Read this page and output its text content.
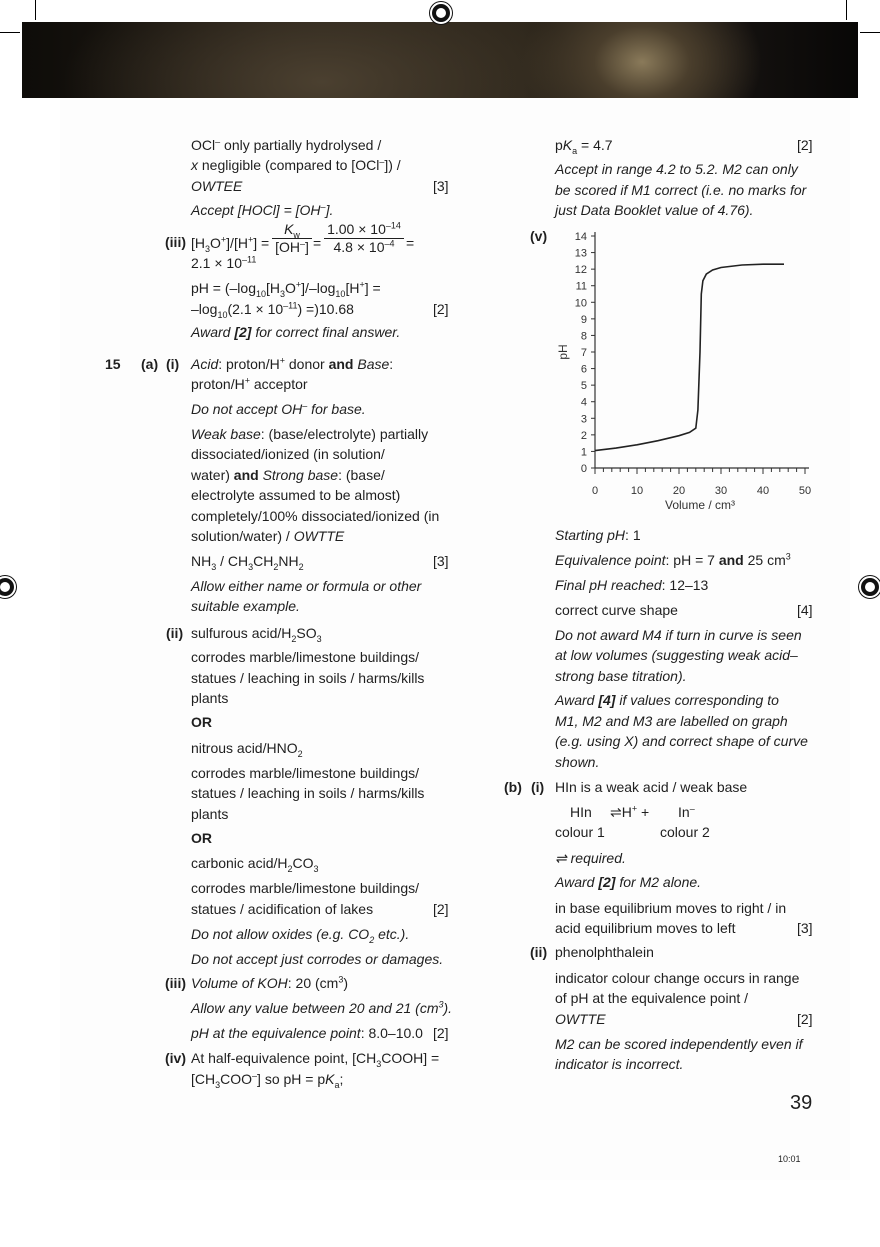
OCl– only partially hydrolysed /
x negligible (compared to [OCl–]) /
OWTEE	[3]
Accept [HOCl] = [OH–].
(iii) $[H_3O^+]/[H^+] = \frac{K_w}{[OH^-]} = \frac{1.00 \times 10^{-14}}{4.8 \times 10^{-4}}$ =
$2.1 \times 10^{-11}$
pH = ($-\log_{10}[H_3O^+]/-\log_{10}[H^+]$ =
$-\log_{10}(2.1 \times 10^{-11}) =)10.68$	[2]
Award [2] for correct final answer.
15 (a) (i) Acid: proton/H+ donor and Base:
proton/H+ acceptor
Do not accept OH– for base.
Weak base: (base/electrolyte) partially
dissociated/ionized (in solution/
water) and Strong base: (base/
electrolyte assumed to be almost)
completely/100% dissociated/ionized (in
solution/water) / OWTTE
$NH_3 / CH_3CH_2NH_2$	[3]
Allow either name or formula or other
suitable example.
(ii) sulfurous acid/$H_2SO_3$
corrodes marble/limestone buildings/
statues / leaching in soils / harms/kills
plants
OR
nitrous acid/$HNO_2$
corrodes marble/limestone buildings/
statues / leaching in soils / harms/kills
plants
OR
carbonic acid/$H_2CO_3$
corrodes marble/limestone buildings/
statues / acidification of lakes	[2]
Do not allow oxides (e.g. $CO_2$ etc.).
Do not accept just corrodes or damages.
(iii) Volume of KOH: 20 $(cm^3)$
Allow any value between 20 and 21 $(cm^3)$.
pH at the equivalence point: 8.0–10.0 [2]
(iv) At half-equivalence point, $[CH_3COOH]$ =
$[CH_3COO^-]$ so pH = $pK_a$;
$pK_a = 4.7$	[2]
Accept in range 4.2 to 5.2. M2 can only
be scored if M1 correct (i.e. no marks for
just Data Booklet value of 4.76).
(v)
0
1
2
3
4
5
6
7
8
9
10
11
12
13
14
0	10	20	30	40	50
pH
Volume / cm³
Starting pH: 1
Equivalence point: pH = 7 and 25 $cm^3$
Final pH reached: 12–13
correct curve shape	[4]
Do not award M4 if turn in curve is seen
at low volumes (suggesting weak acid–
strong base titration).
Award [4] if values corresponding to
M1, M2 and M3 are labelled on graph
(e.g. using X) and correct shape of curve
shown.
(b) (i) HIn is a weak acid / weak base
HIn ⇌H+ + In–
colour 1	colour 2
⇌ required.
Award [2] for M2 alone.
in base equilibrium moves to right / in
acid equilibrium moves to left	[3]
(ii) phenolphthalein
indicator colour change occurs in range
of pH at the equivalence point /
OWTTE	[2]
M2 can be scored independently even if
indicator is incorrect.
39
10:01
